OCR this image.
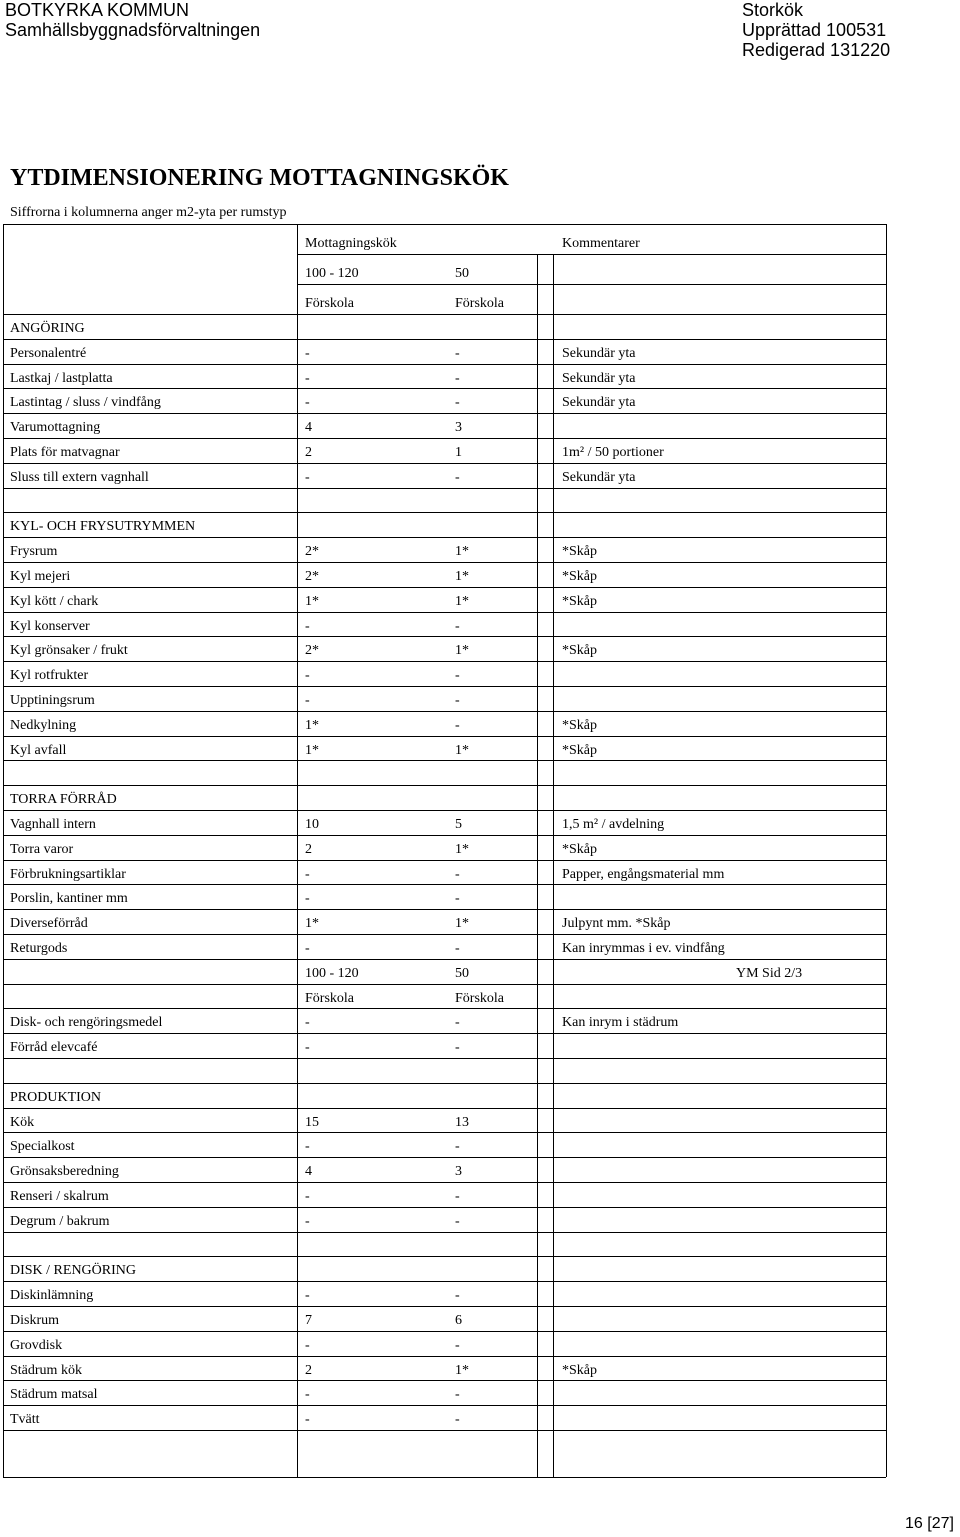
BOTKYRKA KOMMUN
Samhällsbyggnadsförvaltningen
Storkök
Upprättad 100531
Redigerad 131220
YTDIMENSIONERING MOTTAGNINGSKÖK
Siffrorna i kolumnerna anger m2-yta per rumstyp
Mottagningskök	Kommentarer
100 - 120	50
Förskola	Förskola
ANGÖRING
Personalentré	-	-	Sekundär yta
Lastkaj / lastplatta	-	-	Sekundär yta
Lastintag / sluss / vindfång	-	-	Sekundär yta
Varumottagning	4	3
Plats för matvagnar	2	1	1m² / 50 portioner
Sluss till extern vagnhall	-	-	Sekundär yta
KYL- OCH FRYSUTRYMMEN
Frysrum	2*	1*	*Skåp
Kyl mejeri	2*	1*	*Skåp
Kyl kött / chark	1*	1*	*Skåp
Kyl konserver	-	-
Kyl grönsaker / frukt	2*	1*	*Skåp
Kyl rotfrukter	-	-
Upptiningsrum	-	-
Nedkylning	1*	-	*Skåp
Kyl avfall	1*	1*	*Skåp
TORRA FÖRRÅD
Vagnhall intern	10	5	1,5 m² / avdelning
Torra varor	2	1*	*Skåp
Förbrukningsartiklar	-	-	Papper, engångsmaterial mm
Porslin, kantiner mm	-	-
Diverseförråd	1*	1*	Julpynt mm. *Skåp
Returgods	-	-	Kan inrymmas i ev. vindfång
100 - 120	50	YM Sid 2/3
Förskola	Förskola
Disk- och rengöringsmedel	-	-	Kan inrym i städrum
Förråd elevcafé	-	-
PRODUKTION
Kök	15	13
Specialkost	-	-
Grönsaksberedning	4	3
Renseri / skalrum	-	-
Degrum / bakrum	-	-
DISK / RENGÖRING
Diskinlämning	-	-
Diskrum	7	6
Grovdisk	-	-
Städrum kök	2	1*	*Skåp
Städrum matsal	-	-
Tvätt	-	-
16 [27]
